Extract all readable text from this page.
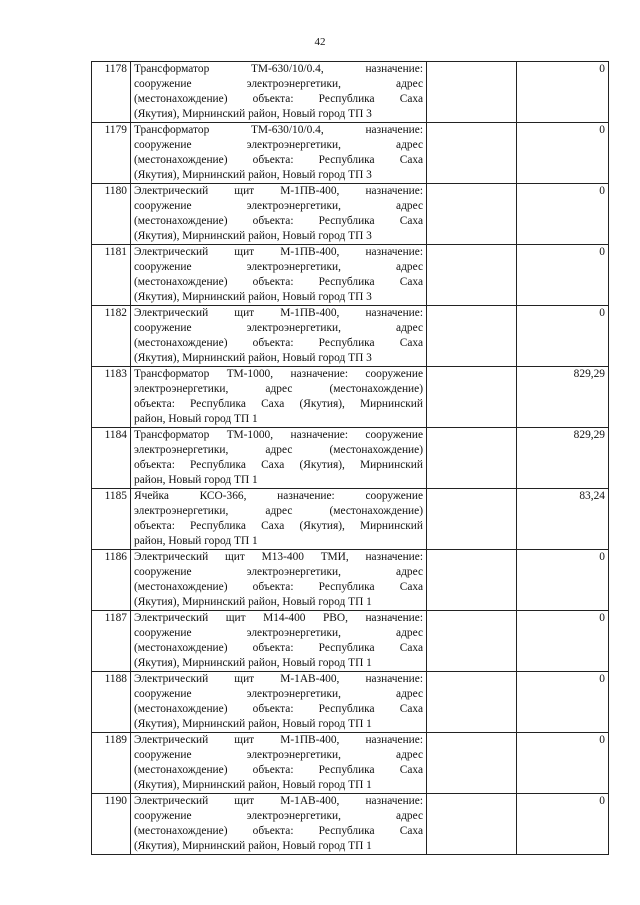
42
1178	Трансформатор ТМ-630/10/0.4, назначение:
сооружение электроэнергетики, адрес
(местонахождение) объекта: Республика Саха
(Якутия), Мирнинский район, Новый город ТП 3		0
1179	Трансформатор ТМ-630/10/0.4, назначение:
сооружение электроэнергетики, адрес
(местонахождение) объекта: Республика Саха
(Якутия), Мирнинский район, Новый город ТП 3		0
1180	Электрический щит М-1ПВ-400, назначение:
сооружение электроэнергетики, адрес
(местонахождение) объекта: Республика Саха
(Якутия), Мирнинский район, Новый город ТП 3		0
1181	Электрический щит М-1ПВ-400, назначение:
сооружение электроэнергетики, адрес
(местонахождение) объекта: Республика Саха
(Якутия), Мирнинский район, Новый город ТП 3		0
1182	Электрический щит М-1ПВ-400, назначение:
сооружение электроэнергетики, адрес
(местонахождение) объекта: Республика Саха
(Якутия), Мирнинский район, Новый город ТП 3		0
1183	Трансформатор ТМ-1000, назначение: сооружение
электроэнергетики, адрес (местонахождение)
объекта: Республика Саха (Якутия), Мирнинский
район, Новый город ТП 1		829,29
1184	Трансформатор ТМ-1000, назначение: сооружение
электроэнергетики, адрес (местонахождение)
объекта: Республика Саха (Якутия), Мирнинский
район, Новый город ТП 1		829,29
1185	Ячейка КСО-366, назначение: сооружение
электроэнергетики, адрес (местонахождение)
объекта: Республика Саха (Якутия), Мирнинский
район, Новый город ТП 1		83,24
1186	Электрический щит М13-400 ТМИ, назначение:
сооружение электроэнергетики, адрес
(местонахождение) объекта: Республика Саха
(Якутия), Мирнинский район, Новый город ТП 1		0
1187	Электрический щит М14-400 РВО, назначение:
сооружение электроэнергетики, адрес
(местонахождение) объекта: Республика Саха
(Якутия), Мирнинский район, Новый город ТП 1		0
1188	Электрический щит М-1АВ-400, назначение:
сооружение электроэнергетики, адрес
(местонахождение) объекта: Республика Саха
(Якутия), Мирнинский район, Новый город ТП 1		0
1189	Электрический щит М-1ПВ-400, назначение:
сооружение электроэнергетики, адрес
(местонахождение) объекта: Республика Саха
(Якутия), Мирнинский район, Новый город ТП 1		0
1190	Электрический щит М-1АВ-400, назначение:
сооружение электроэнергетики, адрес
(местонахождение) объекта: Республика Саха
(Якутия), Мирнинский район, Новый город ТП 1		0
